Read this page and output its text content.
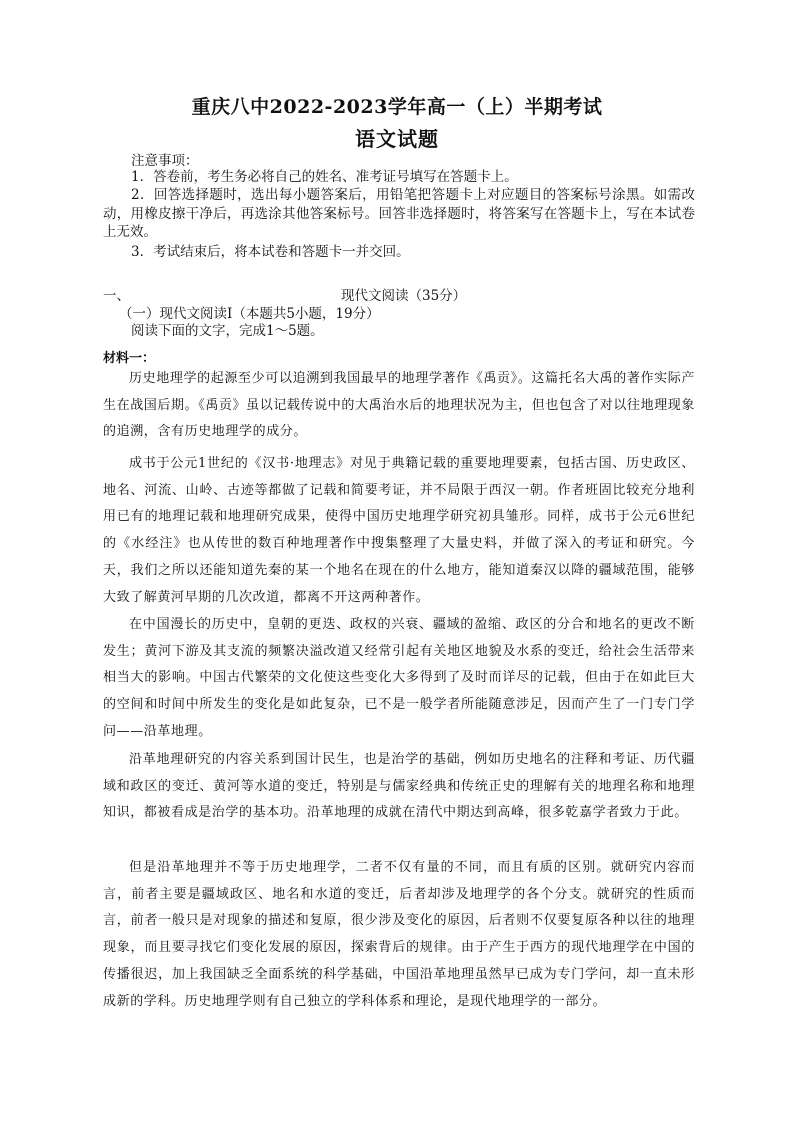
重庆八中2022-2023学年高一（上）半期考试
语文试题
注意事项：
1．答卷前，考生务必将自己的姓名、准考证号填写在答题卡上。
2．回答选择题时，选出每小题答案后，用铅笔把答题卡上对应题目的答案标号涂黑。如需改动，用橡皮擦干净后，再选涂其他答案标号。回答非选择题时，将答案写在答题卡上，写在本试卷上无效。
3．考试结束后，将本试卷和答题卡一并交回。
一、	现代文阅读（35分）
（一）现代文阅读Ⅰ（本题共5小题，19分）
阅读下面的文字，完成1～5题。
材料一：
历史地理学的起源至少可以追溯到我国最早的地理学著作《禹贡》。这篇托名大禹的著作实际产生在战国后期。《禹贡》虽以记载传说中的大禹治水后的地理状况为主，但也包含了对以往地理现象的追溯，含有历史地理学的成分。
成书于公元1世纪的《汉书·地理志》对见于典籍记载的重要地理要素，包括古国、历史政区、地名、河流、山岭、古迹等都做了记载和简要考证，并不局限于西汉一朝。作者班固比较充分地利用已有的地理记载和地理研究成果，使得中国历史地理学研究初具雏形。同样，成书于公元6世纪的《水经注》也从传世的数百种地理著作中搜集整理了大量史料，并做了深入的考证和研究。今天，我们之所以还能知道先秦的某一个地名在现在的什么地方，能知道秦汉以降的疆域范围，能够大致了解黄河早期的几次改道，都离不开这两种著作。
在中国漫长的历史中，皇朝的更迭、政权的兴衰、疆域的盈缩、政区的分合和地名的更改不断发生；黄河下游及其支流的频繁决溢改道又经常引起有关地区地貌及水系的变迁，给社会生活带来相当大的影响。中国古代繁荣的文化使这些变化大多得到了及时而详尽的记载，但由于在如此巨大的空间和时间中所发生的变化是如此复杂，已不是一般学者所能随意涉足，因而产生了一门专门学问——沿革地理。
沿革地理研究的内容关系到国计民生，也是治学的基础，例如历史地名的注释和考证、历代疆域和政区的变迁、黄河等水道的变迁，特别是与儒家经典和传统正史的理解有关的地理名称和地理知识，都被看成是治学的基本功。沿革地理的成就在清代中期达到高峰，很多乾嘉学者致力于此。
但是沿革地理并不等于历史地理学，二者不仅有量的不同，而且有质的区别。就研究内容而言，前者主要是疆域政区、地名和水道的变迁，后者却涉及地理学的各个分支。就研究的性质而言，前者一般只是对现象的描述和复原，很少涉及变化的原因，后者则不仅要复原各种以往的地理现象，而且要寻找它们变化发展的原因，探索背后的规律。由于产生于西方的现代地理学在中国的传播很迟，加上我国缺乏全面系统的科学基础，中国沿革地理虽然早已成为专门学问，却一直未形成新的学科。历史地理学则有自己独立的学科体系和理论，是现代地理学的一部分。
